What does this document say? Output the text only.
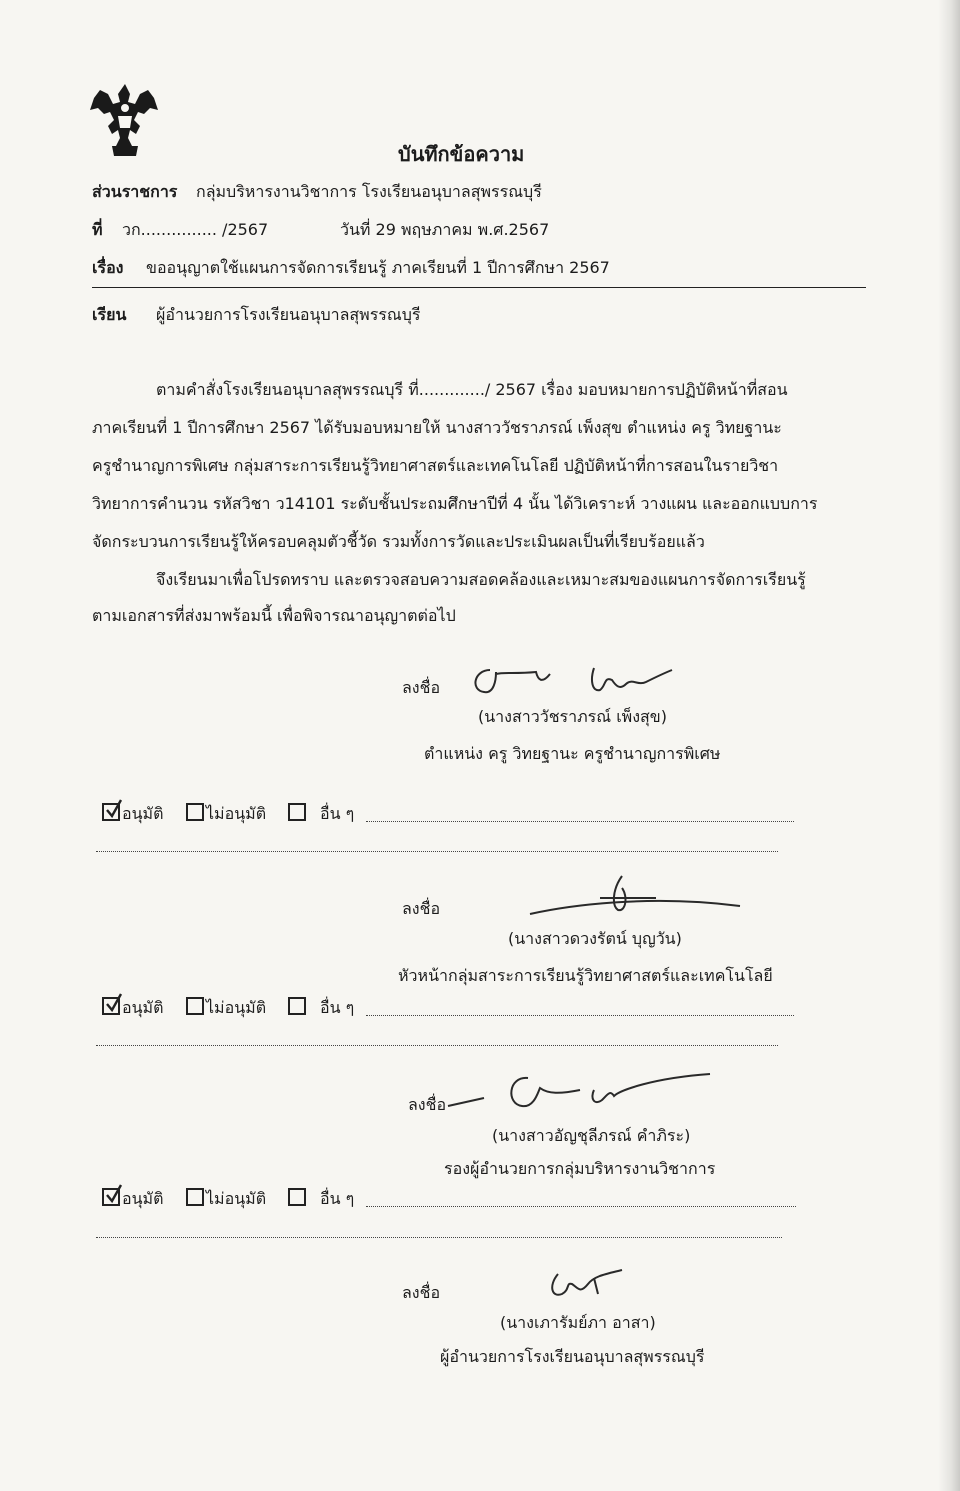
บันทึกข้อความ
ส่วนราชการ กลุ่มบริหารงานวิชาการ โรงเรียนอนุบาลสุพรรณบุรี
ที่ วก............... /2567	วันที่ 29 พฤษภาคม พ.ศ.2567
เรื่อง ขออนุญาตใช้แผนการจัดการเรียนรู้ ภาคเรียนที่ 1 ปีการศึกษา 2567
เรียน ผู้อำนวยการโรงเรียนอนุบาลสุพรรณบุรี
ตามคำสั่งโรงเรียนอนุบาลสุพรรณบุรี ที่............./ 2567 เรื่อง มอบหมายการปฏิบัติหน้าที่สอน
ภาคเรียนที่ 1 ปีการศึกษา 2567 ได้รับมอบหมายให้ นางสาววัชราภรณ์ เพ็งสุข ตำแหน่ง ครู วิทยฐานะ
ครูชำนาญการพิเศษ กลุ่มสาระการเรียนรู้วิทยาศาสตร์และเทคโนโลยี ปฏิบัติหน้าที่การสอนในรายวิชา
วิทยาการคำนวน รหัสวิชา ว14101 ระดับชั้นประถมศึกษาปีที่ 4 นั้น ได้วิเคราะห์ วางแผน และออกแบบการ
จัดกระบวนการเรียนรู้ให้ครอบคลุมตัวชี้วัด รวมทั้งการวัดและประเมินผลเป็นที่เรียบร้อยแล้ว
จึงเรียนมาเพื่อโปรดทราบ และตรวจสอบความสอดคล้องและเหมาะสมของแผนการจัดการเรียนรู้
ตามเอกสารที่ส่งมาพร้อมนี้ เพื่อพิจารณาอนุญาตต่อไป
ลงชื่อ
(นางสาววัชราภรณ์ เพ็งสุข)
ตำแหน่ง ครู วิทยฐานะ ครูชำนาญการพิเศษ
อนุมัติ	ไม่อนุมัติ	อื่น ๆ
ลงชื่อ
(นางสาวดวงรัตน์ บุญวัน)
หัวหน้ากลุ่มสาระการเรียนรู้วิทยาศาสตร์และเทคโนโลยี
อนุมัติ	ไม่อนุมัติ	อื่น ๆ
ลงชื่อ
(นางสาวอัญชุลีภรณ์ คำภิระ)
รองผู้อำนวยการกลุ่มบริหารงานวิชาการ
อนุมัติ	ไม่อนุมัติ	อื่น ๆ
ลงชื่อ
(นางเภารัมย์ภา อาสา)
ผู้อำนวยการโรงเรียนอนุบาลสุพรรณบุรี
